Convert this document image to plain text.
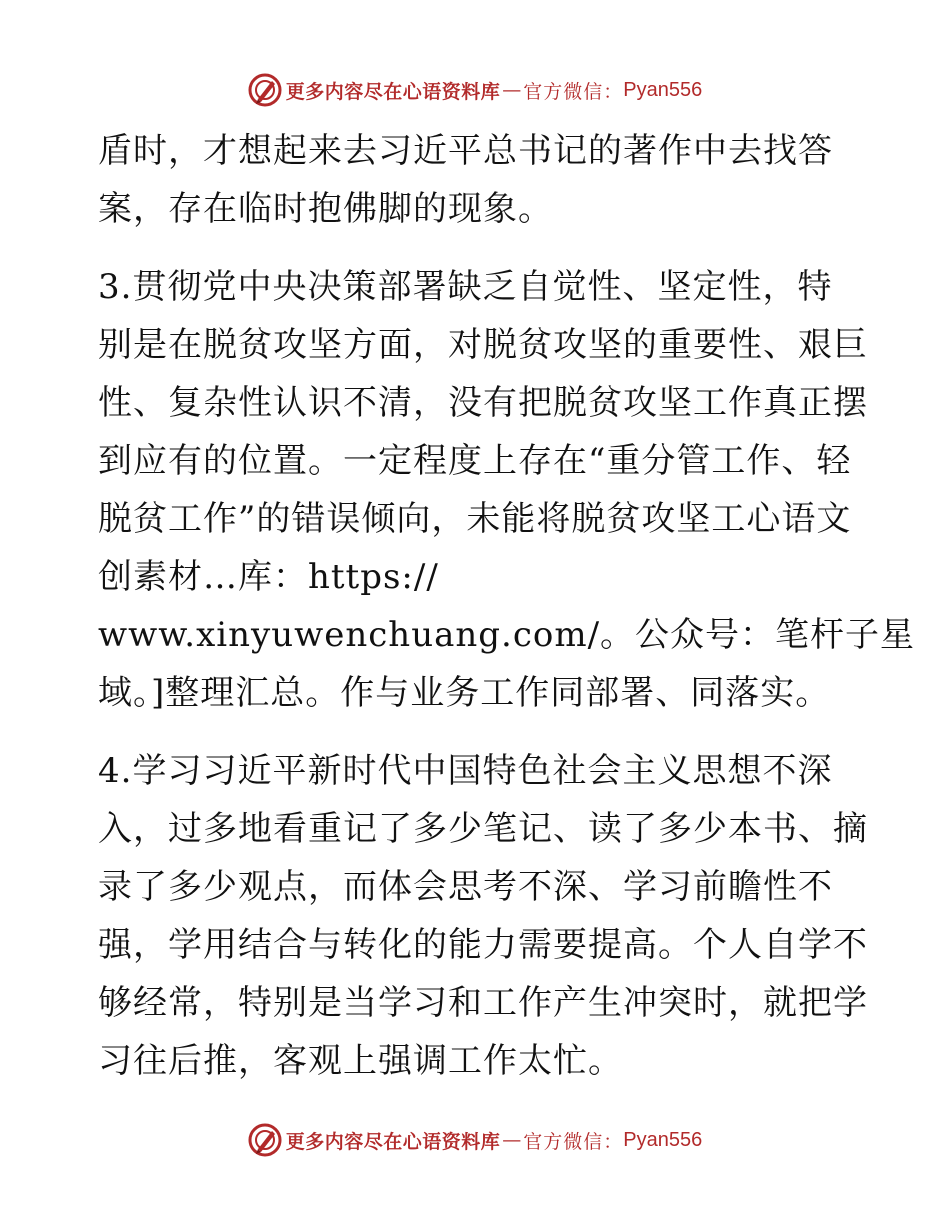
更多内容尽在心语资料库 — 官方微信： Pyan556
盾时，才想起来去习近平总书记的著作中去找答
案，存在临时抱佛脚的现象。
3.贯彻党中央决策部署缺乏自觉性、坚定性，特
别是在脱贫攻坚方面，对脱贫攻坚的重要性、艰巨
性、复杂性认识不清，没有把脱贫攻坚工作真正摆
到应有的位置。一定程度上存在“重分管工作、轻
脱贫工作”的错误倾向，未能将脱贫攻坚工心语文
创素材…库：https://
www.xinyuwenchuang.com/。公众号：笔杆子星
域。]整理汇总。作与业务工作同部署、同落实。
4.学习习近平新时代中国特色社会主义思想不深
入，过多地看重记了多少笔记、读了多少本书、摘
录了多少观点，而体会思考不深、学习前瞻性不
强，学用结合与转化的能力需要提高。个人自学不
够经常，特别是当学习和工作产生冲突时，就把学
习往后推，客观上强调工作太忙。
更多内容尽在心语资料库 — 官方微信： Pyan556
